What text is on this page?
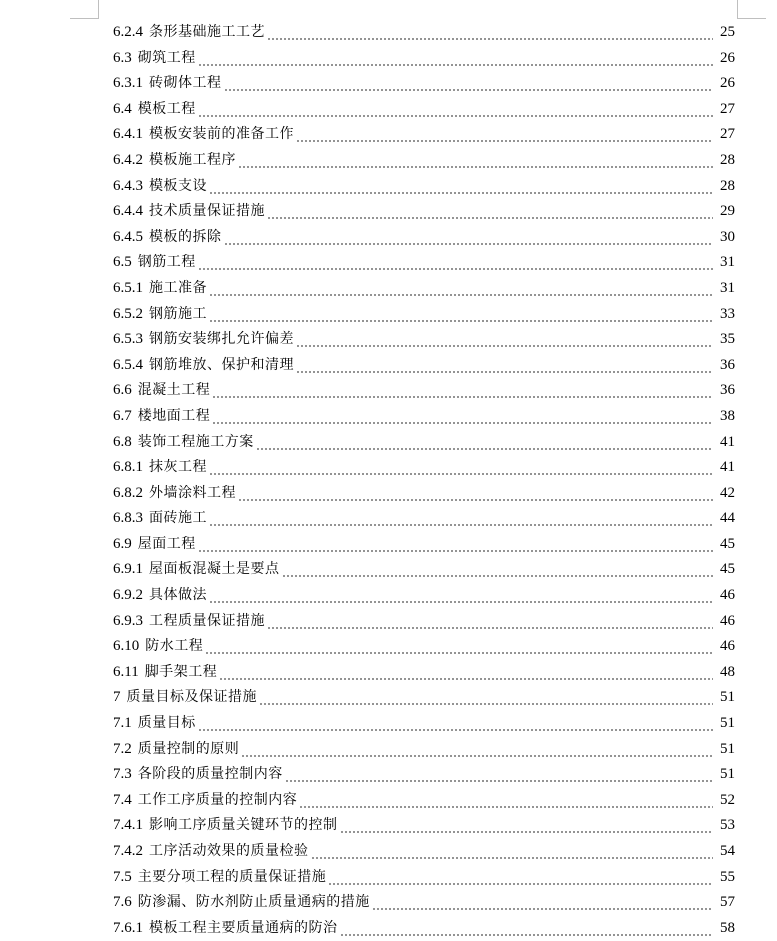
6.2.4 条形基础施工工艺	25
6.3 砌筑工程	26
6.3.1 砖砌体工程	26
6.4 模板工程	27
6.4.1 模板安装前的准备工作	27
6.4.2 模板施工程序	28
6.4.3 模板支设	28
6.4.4 技术质量保证措施	29
6.4.5 模板的拆除	30
6.5 钢筋工程	31
6.5.1 施工准备	31
6.5.2 钢筋施工	33
6.5.3 钢筋安装绑扎允许偏差	35
6.5.4 钢筋堆放、保护和清理	36
6.6 混凝土工程	36
6.7 楼地面工程	38
6.8 装饰工程施工方案	41
6.8.1 抹灰工程	41
6.8.2 外墙涂料工程	42
6.8.3 面砖施工	44
6.9 屋面工程	45
6.9.1 屋面板混凝土是要点	45
6.9.2 具体做法	46
6.9.3 工程质量保证措施	46
6.10 防水工程	46
6.11 脚手架工程	48
7 质量目标及保证措施	51
7.1 质量目标	51
7.2 质量控制的原则	51
7.3 各阶段的质量控制内容	51
7.4 工作工序质量的控制内容	52
7.4.1 影响工序质量关键环节的控制	53
7.4.2 工序活动效果的质量检验	54
7.5 主要分项工程的质量保证措施	55
7.6 防渗漏、防水剂防止质量通病的措施	57
7.6.1 模板工程主要质量通病的防治	58
